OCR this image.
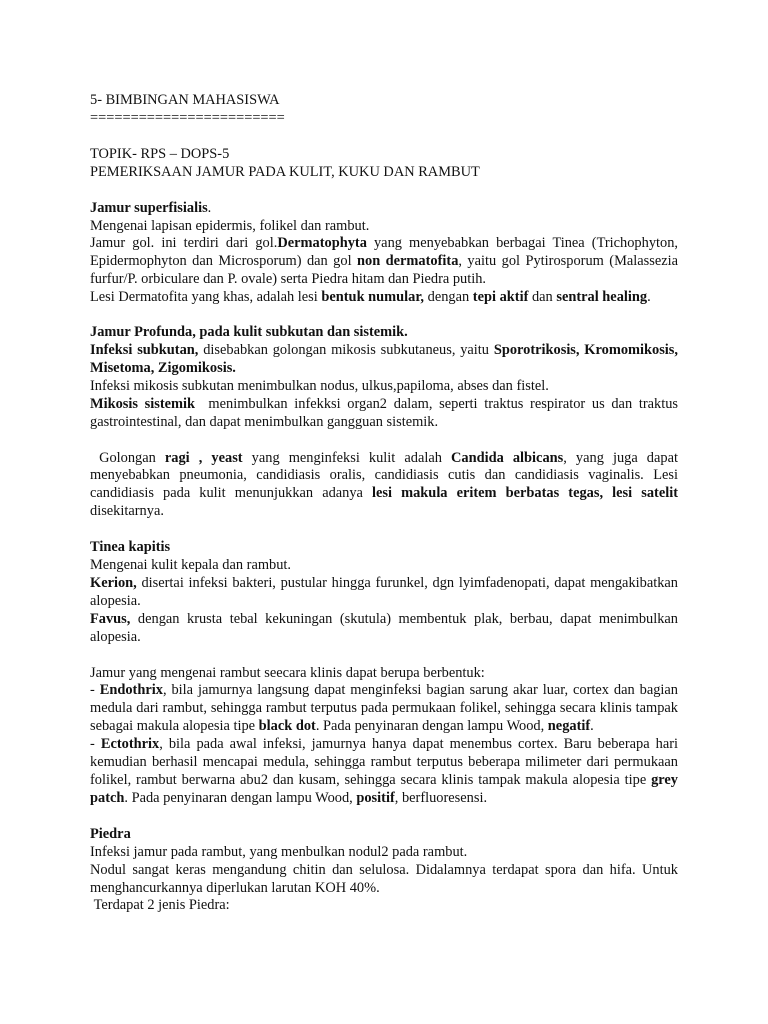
5- BIMBINGAN MAHASISWA

========================

TOPIK- RPS – DOPS-5

PEMERIKSAAN JAMUR PADA KULIT, KUKU DAN RAMBUT

Jamur superfisialis.

Mengenai lapisan epidermis, folikel dan rambut.

Jamur gol. ini terdiri dari gol.Dermatophyta yang menyebabkan berbagai Tinea (Trichophyton, Epidermophyton dan Microsporum) dan gol non dermatofita, yaitu gol Pytirosporum (Malassezia furfur/P. orbiculare dan P. ovale) serta Piedra hitam dan Piedra putih.

Lesi Dermatofita yang khas, adalah lesi bentuk numular, dengan tepi aktif dan sentral healing.

Jamur Profunda, pada kulit subkutan dan sistemik.

Infeksi subkutan, disebabkan golongan mikosis subkutaneus, yaitu Sporotrikosis, Kromomikosis, Misetoma, Zigomikosis.

Infeksi mikosis subkutan menimbulkan nodus, ulkus,papiloma, abses dan fistel.

Mikosis sistemik  menimbulkan infekksi organ2 dalam, seperti traktus respirator us dan traktus gastrointestinal, dan dapat menimbulkan gangguan sistemik.

Golongan ragi , yeast yang menginfeksi kulit adalah Candida albicans, yang juga dapat menyebabkan pneumonia, candidiasis oralis, candidiasis cutis dan candidiasis vaginalis. Lesi candidiasis pada kulit menunjukkan adanya lesi makula eritem berbatas tegas, lesi satelit disekitarnya.

Tinea kapitis

Mengenai kulit kepala dan rambut.

Kerion, disertai infeksi bakteri, pustular hingga furunkel, dgn lyimfadenopati, dapat mengakibatkan alopesia.

Favus, dengan krusta tebal kekuningan (skutula) membentuk plak, berbau, dapat menimbulkan alopesia.

Jamur yang mengenai rambut seecara klinis dapat berupa berbentuk:

- Endothrix, bila jamurnya langsung dapat menginfeksi bagian sarung akar luar, cortex dan bagian medula dari rambut, sehingga rambut terputus pada permukaan folikel, sehingga secara klinis tampak sebagai makula alopesia tipe black dot. Pada penyinaran dengan lampu Wood, negatif.

- Ectothrix, bila pada awal infeksi, jamurnya hanya dapat menembus cortex. Baru beberapa hari kemudian berhasil mencapai medula, sehingga rambut terputus beberapa milimeter dari permukaan folikel, rambut berwarna abu2 dan kusam, sehingga secara klinis tampak makula alopesia tipe grey patch. Pada penyinaran dengan lampu Wood, positif, berfluoresensi.

Piedra

Infeksi jamur pada rambut, yang menbulkan nodul2 pada rambut.

Nodul sangat keras mengandung chitin dan selulosa. Didalamnya terdapat spora dan hifa. Untuk menghancurkannya diperlukan larutan KOH 40%.

Terdapat 2 jenis Piedra:
